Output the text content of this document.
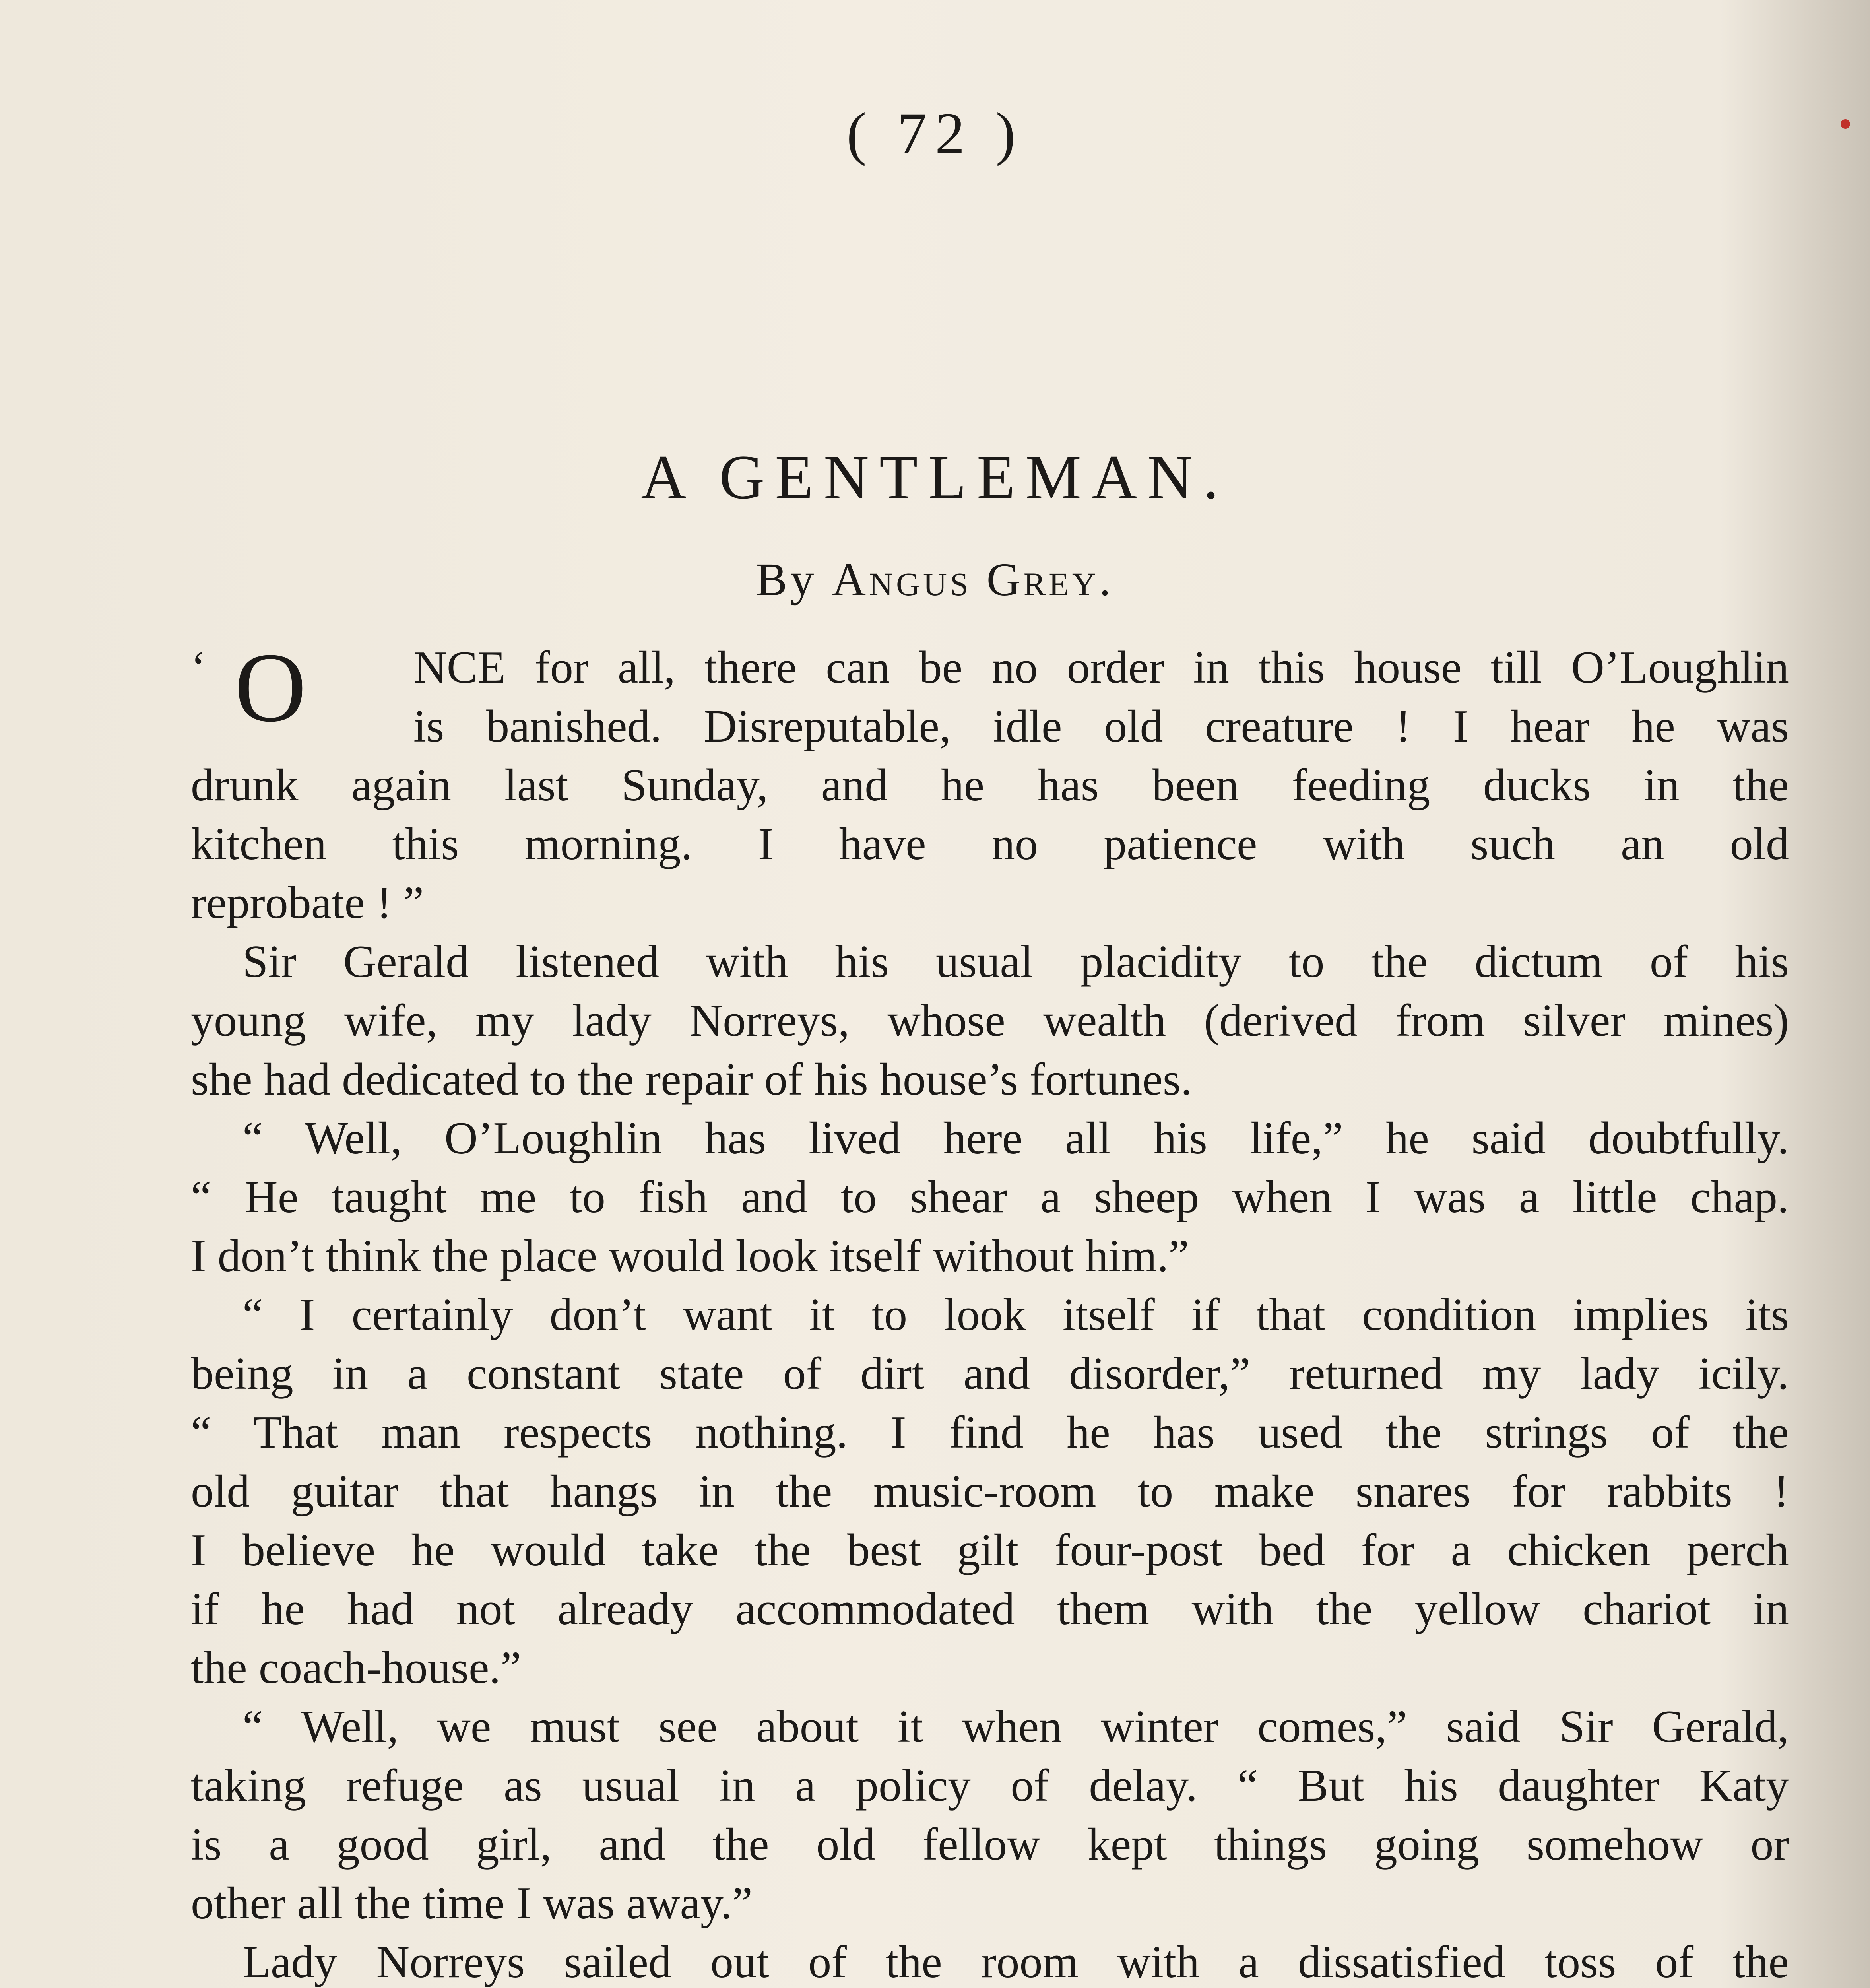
( 72 )
A GENTLEMAN.
By Angus Grey.
‘ O	NCE for all, there can be no order in this house till O’Loughlin
is banished. Disreputable, idle old creature ! I hear he was
drunk again last Sunday, and he has been feeding ducks in the
kitchen this morning. I have no patience with such an old
reprobate ! ”
Sir Gerald listened with his usual placidity to the dictum of his
young wife, my lady Norreys, whose wealth (derived from silver mines)
she had dedicated to the repair of his house’s fortunes.
“ Well, O’Loughlin has lived here all his life,” he said doubtfully.
“ He taught me to fish and to shear a sheep when I was a little chap.
I don’t think the place would look itself without him.”
“ I certainly don’t want it to look itself if that condition implies its
being in a constant state of dirt and disorder,” returned my lady icily.
“ That man respects nothing. I find he has used the strings of the
old guitar that hangs in the music-room to make snares for rabbits !
I believe he would take the best gilt four-post bed for a chicken perch
if he had not already accommodated them with the yellow chariot in
the coach-house.”
“ Well, we must see about it when winter comes,” said Sir Gerald,
taking refuge as usual in a policy of delay. “ But his daughter Katy
is a good girl, and the old fellow kept things going somehow or
other all the time I was away.”
Lady Norreys sailed out of the room with a dissatisfied toss of the
